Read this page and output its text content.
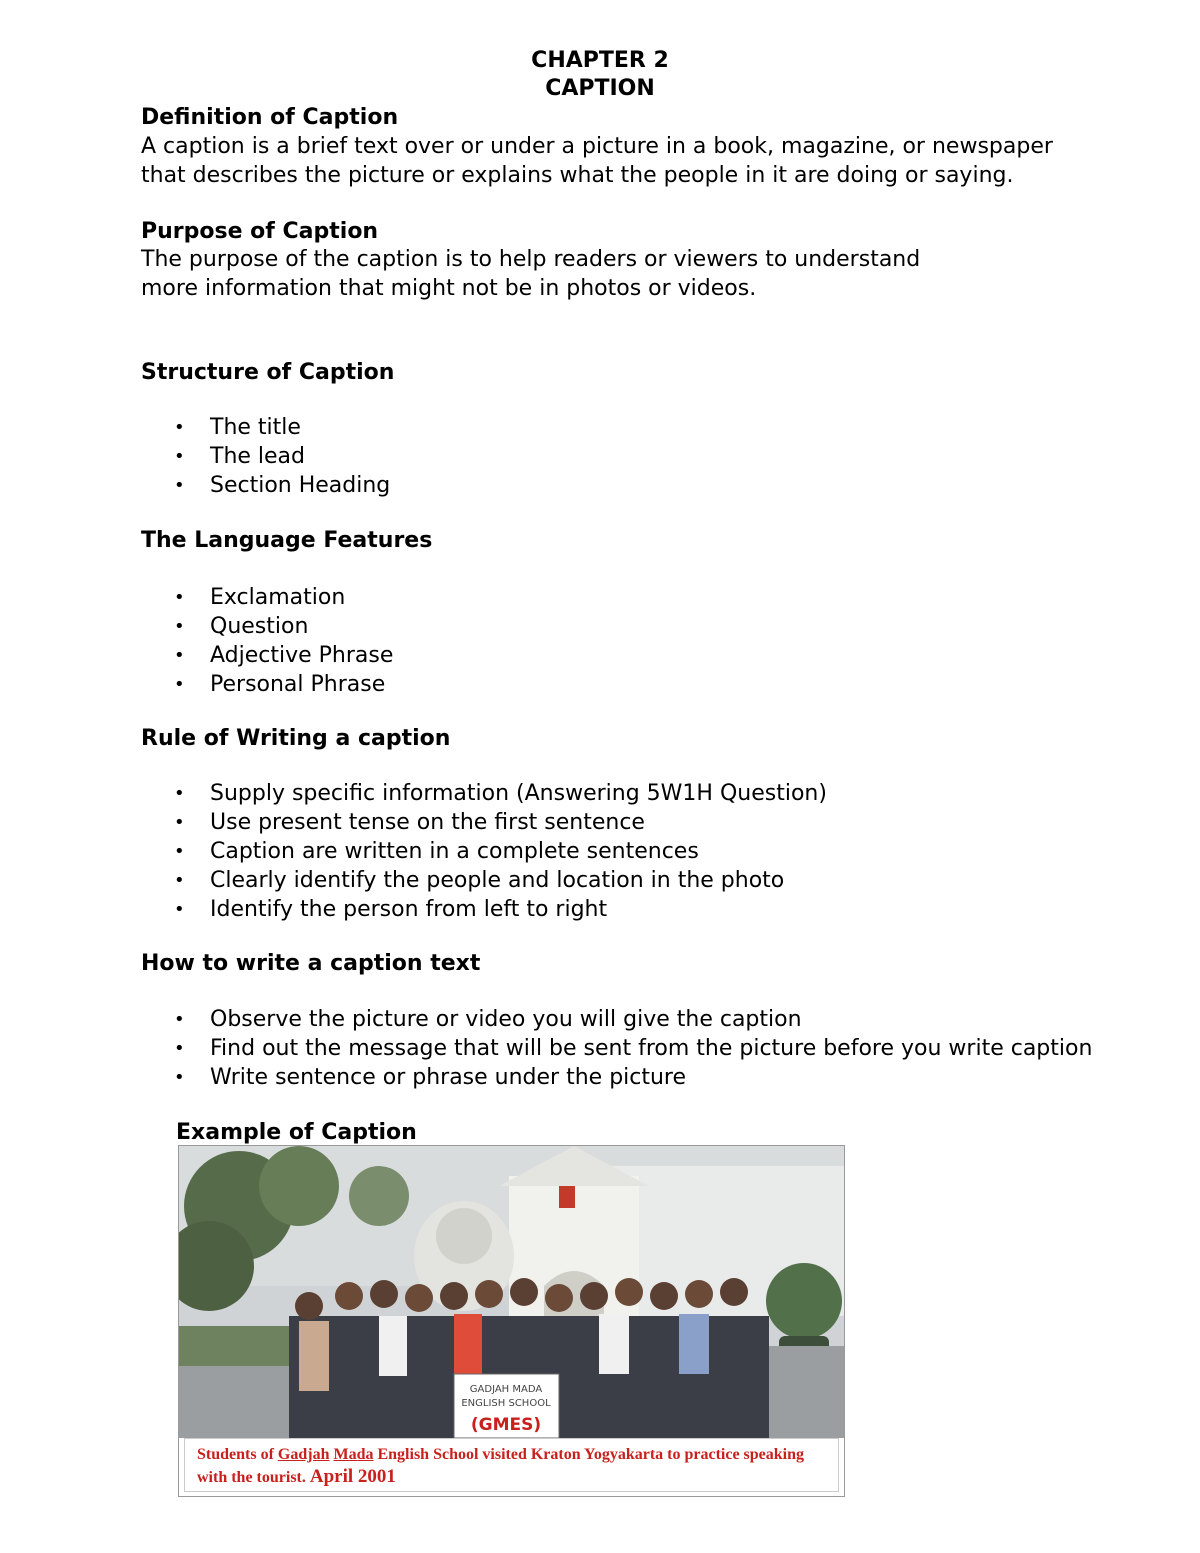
CHAPTER 2
CAPTION
Definition of Caption
A caption is a brief text over or under a picture in a book, magazine, or newspaper that describes the picture or explains what the people in it are doing or saying.
Purpose of Caption
The purpose of the caption is to help readers or viewers to understand more information that might not be in photos or videos.
Structure of Caption
• The title
• The lead
• Section Heading
The Language Features
• Exclamation
• Question
• Adjective Phrase
• Personal Phrase
Rule of Writing a caption
• Supply specific information (Answering 5W1H Question)
• Use present tense on the first sentence
• Caption are written in a complete sentences
• Clearly identify the people and location in the photo
• Identify the person from left to right
How to write a caption text
• Observe the picture or video you will give the caption
• Find out the message that will be sent from the picture before you write caption
• Write sentence or phrase under the picture
Example of Caption
GADJAH MADA
ENGLISH SCHOOL
(GMES)
Students of Gadjah Mada English School visited Kraton Yogyakarta to practice speaking with the tourist. April 2001
